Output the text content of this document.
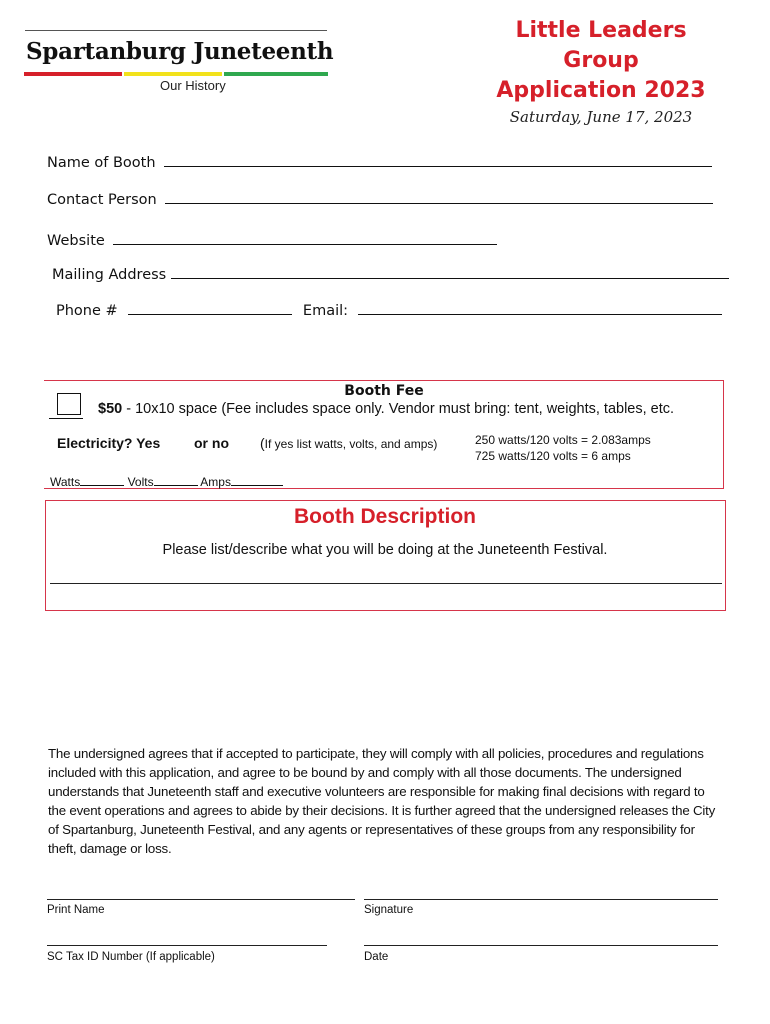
Spartanburg Juneteenth
Our History
Little Leaders
Group
Application 2023
Saturday, June 17, 2023
Name of Booth
Contact Person
Website
Mailing Address
Phone #	Email:
Booth Fee
$50 - 10x10 space (Fee includes space only. Vendor must bring: tent, weights, tables, etc.
Electricity? Yes or no (If yes list watts, volts, and amps)	250 watts/120 volts = 2.083amps
725 watts/120 volts = 6 amps
Watts	Volts	Amps
Booth Description
Please list/describe what you will be doing at the Juneteenth Festival.
The undersigned agrees that if accepted to participate, they will comply with all policies, procedures and regulations included with this application, and agree to be bound by and comply with all those documents. The undersigned understands that Juneteenth staff and executive volunteers are responsible for making final decisions with regard to the event operations and agrees to abide by their decisions. It is further agreed that the undersigned releases the City of Spartanburg, Juneteenth Festival, and any agents or representatives of these groups from any responsibility for theft, damage or loss.
Print Name	Signature
SC Tax ID Number (If applicable)	Date
